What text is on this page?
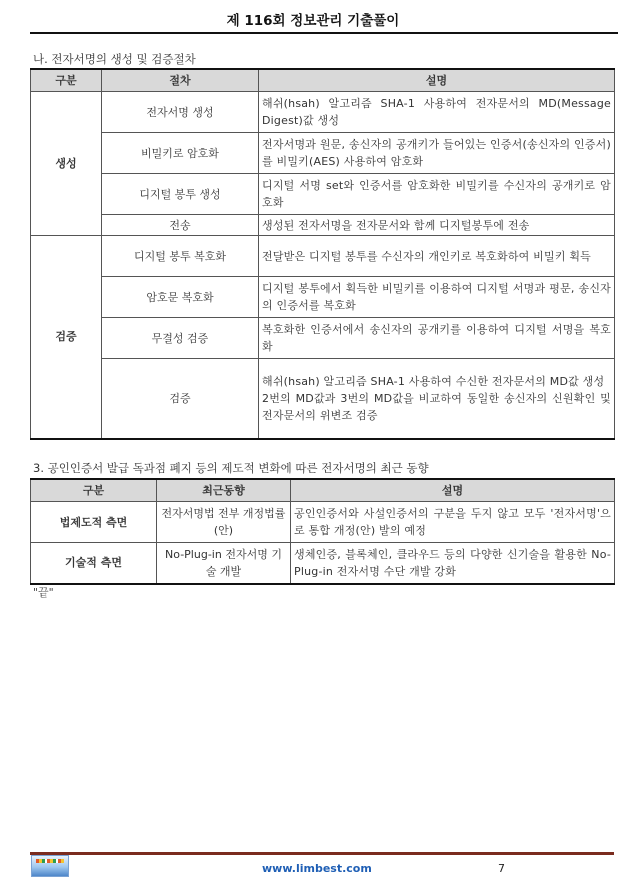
제 116회 정보관리 기출풀이
나. 전자서명의 생성 및 검증절차
구분	절차	설명
생성	전자서명 생성	해쉬(hsah) 알고리즘 SHA-1 사용하여 전자문서의 MD(Message Digest)값 생성
	비밀키로 암호화	전자서명과 원문, 송신자의 공개키가 들어있는 인증서(송신자의 인증서)를 비밀키(AES) 사용하여 암호화
	디지털 봉투 생성	디지털 서명 set와 인증서를 암호화한 비밀키를 수신자의 공개키로 암호화
	전송	생성된 전자서명을 전자문서와 함께 디지털봉투에 전송
검증	디지털 봉투 복호화	전달받은 디지털 봉투를 수신자의 개인키로 복호화하여 비밀키 획득
	암호문 복호화	디지털 봉투에서 획득한 비밀키를 이용하여 디지털 서명과 평문, 송신자의 인증서를 복호화
	무결성 검증	복호화한 인증서에서 송신자의 공개키를 이용하여 디지털 서명을 복호화
	검증	해쉬(hsah) 알고리즘 SHA-1 사용하여 수신한 전자문서의 MD값 생성
2번의 MD값과 3번의 MD값을 비교하여 동일한 송신자의 신원확인 및 전자문서의 위변조 검증
3. 공인인증서 발급 독과점 폐지 등의 제도적 변화에 따른 전자서명의 최근 동향
구분	최근동향	설명
법제도적 측면	전자서명법 전부 개정법률(안)	공인인증서와 사설인증서의 구분을 두지 않고 모두 '전자서명'으로 통합 개정(안) 발의 예정
기술적 측면	No-Plug-in 전자서명 기술 개발	생체인증, 블록체인, 클라우드 등의 다양한 신기술을 활용한 No-Plug-in 전자서명 수단 개발 강화
"끝"
www.limbest.com	7
